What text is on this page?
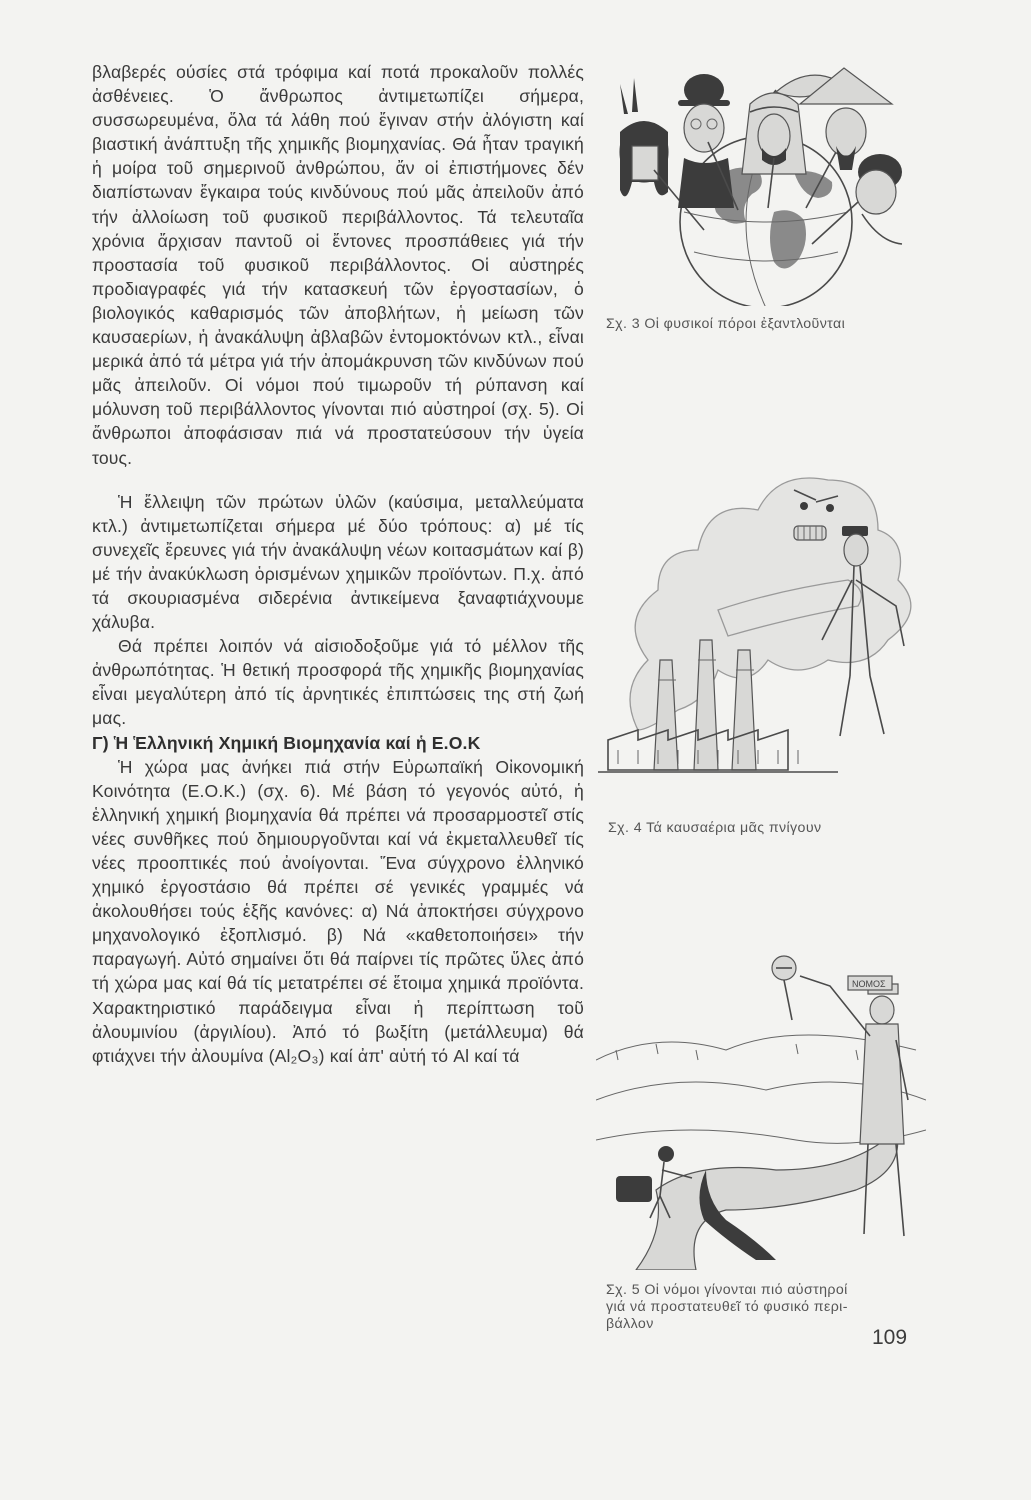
βλαβερές ούσίες στά τρόφιμα καί ποτά προκαλοῦν πολλές ἀσθένειες. Ὁ ἄνθρωπος ἀντιμετωπίζει σήμερα, συσσωρευμένα, ὅλα τά λάθη πού ἔγιναν στήν ἀλόγιστη καί βιαστική ἀνάπτυξη τῆς χημικῆς βιομηχανίας. Θά ἦταν τραγική ἡ μοίρα τοῦ σημερινοῦ ἀνθρώπου, ἄν οἱ ἐπιστήμονες δέν διαπίστωναν ἔγκαιρα τούς κινδύνους πού μᾶς ἀπειλοῦν ἀπό τήν ἀλλοίωση τοῦ φυσικοῦ περιβάλλοντος. Τά τελευταῖα χρόνια ἄρχισαν παντοῦ οἱ ἔντονες προσπάθειες γιά τήν προστασία τοῦ φυσικοῦ περιβάλλοντος. Οἱ αὐστηρές προδιαγραφές γιά τήν κατασκευή τῶν ἐργοστασίων, ὁ βιολογικός καθαρισμός τῶν ἀποβλήτων, ἡ μείωση τῶν καυσαερίων, ἡ ἀνακάλυψη ἀβλαβῶν ἐντομοκτόνων κτλ., εἶναι μερικά ἀπό τά μέτρα γιά τήν ἀπομάκρυνση τῶν κινδύνων πού μᾶς ἀπειλοῦν. Οἱ νόμοι πού τιμωροῦν τή ρύπανση καί μόλυνση τοῦ περιβάλλοντος γίνονται πιό αὐστηροί (σχ. 5). Οἱ ἄνθρωποι ἀποφάσισαν πιά νά προστατεύσουν τήν ὑγεία τους.

Ἡ ἔλλειψη τῶν πρώτων ὑλῶν (καύσιμα, μεταλλεύματα κτλ.) ἀντιμετωπίζεται σήμερα μέ δύο τρόπους: α) μέ τίς συνεχεῖς ἔρευνες γιά τήν ἀνακάλυψη νέων κοιτασμάτων καί β) μέ τήν ἀνακύκλωση ὁρισμένων χημικῶν προϊόντων. Π.χ. ἀπό τά σκουριασμένα σιδερένια ἀντικείμενα ξαναφτιάχνουμε χάλυβα.

Θά πρέπει λοιπόν νά αἰσιοδοξοῦμε γιά τό μέλλον τῆς ἀνθρωπότητας. Ἡ θετική προσφορά τῆς χημικῆς βιομηχανίας εἶναι μεγαλύτερη ἀπό τίς ἀρνητικές ἐπιπτώσεις της στή ζωή μας.

Γ) Ἡ Ἑλληνική Χημική Βιομηχανία καί ἡ Ε.Ο.Κ

Ἡ χώρα μας ἀνήκει πιά στήν Εὐρωπαϊκή Οἰκονομική Κοινότητα (Ε.Ο.Κ.) (σχ. 6). Μέ βάση τό γεγονός αὐτό, ἡ ἑλληνική χημική βιομηχανία θά πρέπει νά προσαρμοστεῖ στίς νέες συνθῆκες πού δημιουργοῦνται καί νά ἐκμεταλλευθεῖ τίς νέες προοπτικές πού ἀνοίγονται. Ἕνα σύγχρονο ἑλληνικό χημικό ἐργοστάσιο θά πρέπει σέ γενικές γραμμές νά ἀκολουθήσει τούς ἑξῆς κανόνες: α) Νά ἀποκτήσει σύγχρονο μηχανολογικό ἐξοπλισμό. β) Νά «καθετοποιήσει» τήν παραγωγή. Αὐτό σημαίνει ὅτι θά παίρνει τίς πρῶτες ὕλες ἀπό τή χώρα μας καί θά τίς μετατρέπει σέ ἕτοιμα χημικά προϊόντα. Χαρακτηριστικό παράδειγμα εἶναι ἡ περίπτωση τοῦ ἀλουμινίου (ἀργιλίου). Ἀπό τό βωξίτη (μετάλλευμα) θά φτιάχνει τήν ἀλουμίνα (Al₂O₃) καί ἀπ' αὐτή τό Al καί τά

Σχ. 3 Οἱ φυσικοί πόροι ἐξαντλοῦνται
Σχ. 4 Τά καυσαέρια μᾶς πνίγουν
ΝΟΜΟΣ
Σχ. 5 Οἱ νόμοι γίνονται πιό αὐστηροί
γιά νά προστατευθεῖ τό φυσικό περι-
βάλλον
109
